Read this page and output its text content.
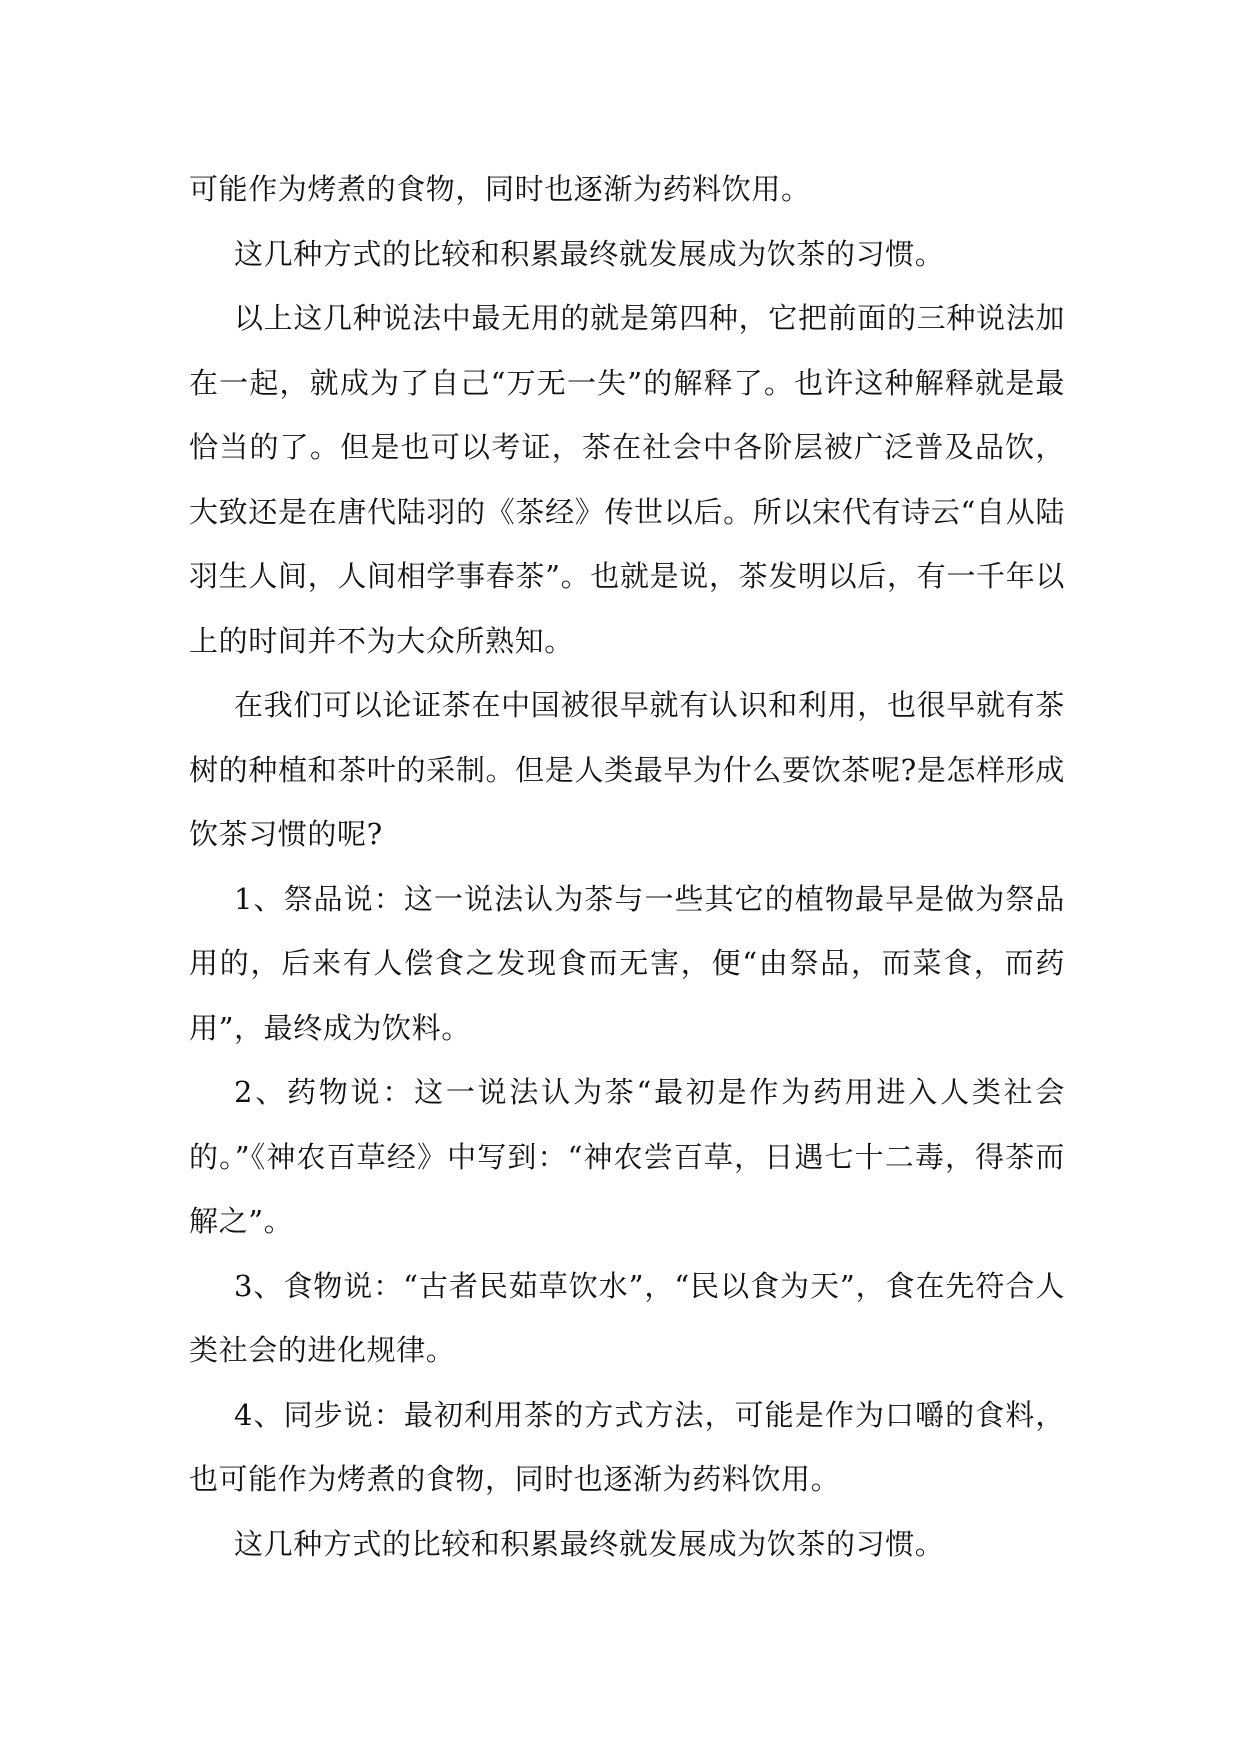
可能作为烤煮的食物，同时也逐渐为药料饮用。

这几种方式的比较和积累最终就发展成为饮茶的习惯。

以上这几种说法中最无用的就是第四种，它把前面的三种说法加在一起，就成为了自己“万无一失”的解释了。也许这种解释就是最恰当的了。但是也可以考证，茶在社会中各阶层被广泛普及品饮，大致还是在唐代陆羽的《茶经》传世以后。所以宋代有诗云“自从陆羽生人间，人间相学事春茶”。也就是说，茶发明以后，有一千年以上的时间并不为大众所熟知。

在我们可以论证茶在中国被很早就有认识和利用，也很早就有茶树的种植和茶叶的采制。但是人类最早为什么要饮茶呢?是怎样形成饮茶习惯的呢?

1、祭品说：这一说法认为茶与一些其它的植物最早是做为祭品用的，后来有人偿食之发现食而无害，便“由祭品，而菜食，而药用”，最终成为饮料。

2、药物说：这一说法认为茶“最初是作为药用进入人类社会的。”《神农百草经》中写到：“神农尝百草，日遇七十二毒，得茶而解之”。

3、食物说：“古者民茹草饮水”，“民以食为天”，食在先符合人类社会的进化规律。

4、同步说：最初利用茶的方式方法，可能是作为口嚼的食料，也可能作为烤煮的食物，同时也逐渐为药料饮用。

这几种方式的比较和积累最终就发展成为饮茶的习惯。
